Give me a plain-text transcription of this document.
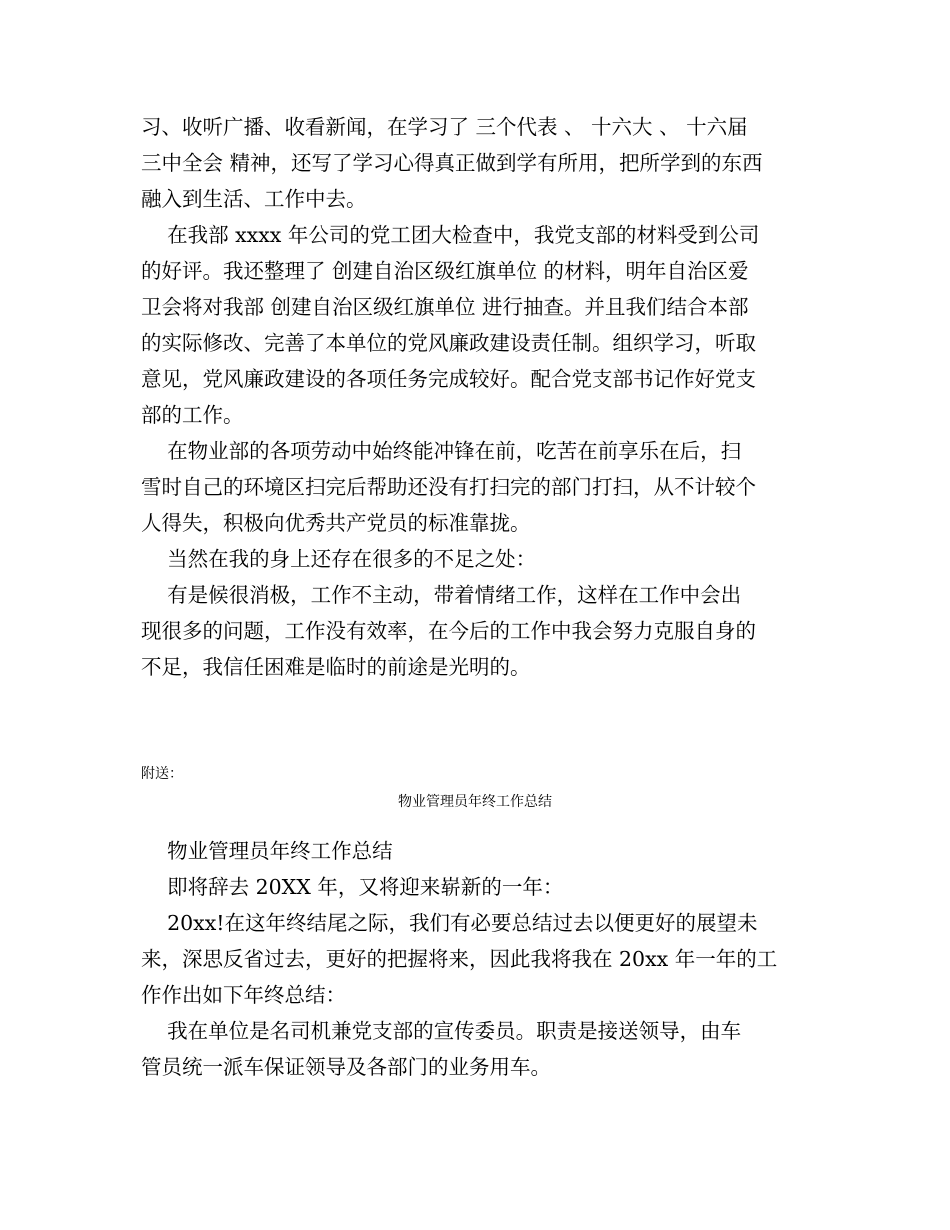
习、收听广播、收看新闻，在学习了 三个代表 、 十六大 、 十六届
三中全会 精神，还写了学习心得真正做到学有所用，把所学到的东西
融入到生活、工作中去。
在我部 xxxx 年公司的党工团大检查中，我党支部的材料受到公司
的好评。我还整理了 创建自治区级红旗单位 的材料，明年自治区爱
卫会将对我部 创建自治区级红旗单位 进行抽查。并且我们结合本部
的实际修改、完善了本单位的党风廉政建设责任制。组织学习，听取
意见，党风廉政建设的各项任务完成较好。配合党支部书记作好党支
部的工作。
在物业部的各项劳动中始终能冲锋在前，吃苦在前享乐在后，扫
雪时自己的环境区扫完后帮助还没有打扫完的部门打扫，从不计较个
人得失，积极向优秀共产党员的标准靠拢。
当然在我的身上还存在很多的不足之处：
有是候很消极，工作不主动，带着情绪工作，这样在工作中会出
现很多的问题，工作没有效率，在今后的工作中我会努力克服自身的
不足，我信任困难是临时的前途是光明的。
附送：
物业管理员年终工作总结
物业管理员年终工作总结
即将辞去 20XX 年，又将迎来崭新的一年：
20xx!在这年终结尾之际，我们有必要总结过去以便更好的展望未
来，深思反省过去，更好的把握将来，因此我将我在 20xx 年一年的工
作作出如下年终总结：
我在单位是名司机兼党支部的宣传委员。职责是接送领导，由车
管员统一派车保证领导及各部门的业务用车。
